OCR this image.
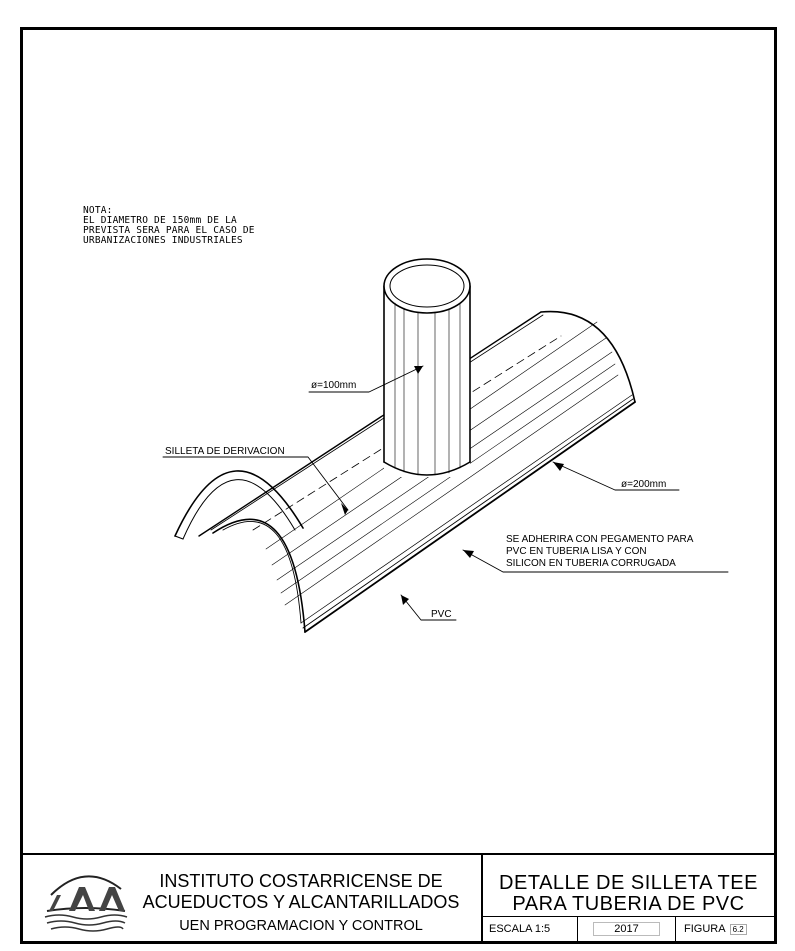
NOTA:
EL DIAMETRO DE 150mm DE LA
PREVISTA SERA PARA EL CASO DE
URBANIZACIONES INDUSTRIALES
ø=100mm
SILLETA DE DERIVACION
ø=200mm
SE ADHERIRA CON PEGAMENTO PARA
PVC EN TUBERIA LISA Y CON
SILICON EN TUBERIA CORRUGADA
PVC
INSTITUTO COSTARRICENSE DE
ACUEDUCTOS Y ALCANTARILLADOS
UEN PROGRAMACION Y CONTROL
DETALLE DE SILLETA TEE
PARA TUBERIA DE PVC
ESCALA 1:5	2017	FIGURA 6.2
